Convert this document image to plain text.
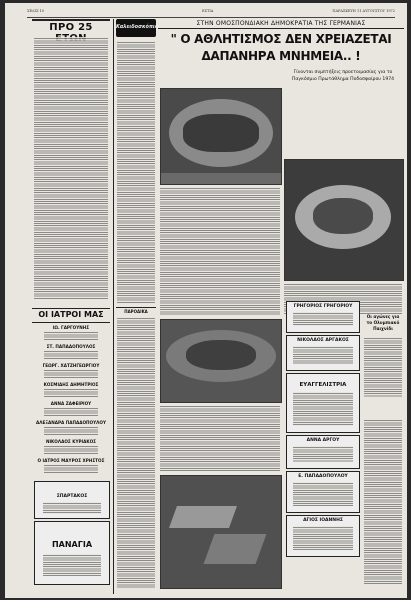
ΣΕΛΙΣ 10	ΕΣΤΙΑ	ΠΑΡΑΣΚΕΥΗ 11 ΑΥΓΟΥΣΤΟΥ 1972
ΠΡΟ 25
ΟΙ ΙΑΤΡΟΙ ΜΑΣ
ΙΩ. ΓΑΡΓΟΥΝΗΣ
ΣΤ. ΠΑΠΑΔΟΠΟΥΛΟΣ
ΓΕΩΡΓ. ΧΑΤΖΗΓΕΩΡΓΙΟΥ
ΚΟΣΜΙΔΗΣ ΔΗΜΗΤΡΙΟΣ
ΑΝΝΑ ΖΑΦΕΙΡΙΟΥ
ΑΛΕΞΑΝΔΡΑ ΠΑΠΑΔΟΠΟΥΛΟΥ
ΝΙΚΟΛΑΟΣ ΚΥΡΙΑΚΟΣ
Ο ΙΑΤΡΟΣ ΜΑΥΡΟΣ ΧΡΗΣΤΟΣ
ΣΠΑΡΤΑΚΟΣ
ΠΑΝΑΓΙΑ
Καλειδοσκόπιο
ΠΑΡΟΔΙΚΑ
ΣΤΗΝ ΟΜΟΣΠΟΝΔΙΑΚΗ ΔΗΜΟΚΡΑΤΙΑ ΤΗΣ ΓΕΡΜΑΝΙΑΣ
" Ο ΑΘΛΗΤΙΣΜΟΣ ΔΕΝ ΧΡΕΙΑΖΕΤΑΙ
ΔΑΠΑΝΗΡΑ ΜΝΗΜΕΙΑ.. !
Γίνονται συμπτήξεις προετοιμασίας για το Παγκόσμιο Πρωτάθλημα Ποδοσφαίρου 1974
Οι αγώνες για το Ολυμπιακό Παιχνίδι
ΓΡΗΓΟΡΙΟΣ ΓΡΗΓΟΡΙΟΥ
ΝΙΚΟΛΑΟΣ ΑΡΓΑΚΟΣ
ΕΥΑΓΓΕΛΙΣΤΡΙΑ
ΑΝΝΑ ΑΡΓΟΥ
Ε. ΠΑΠΑΔΟΠΟΥΛΟΥ
ΑΓΙΟΣ ΙΟΑΝΝΗΣ
